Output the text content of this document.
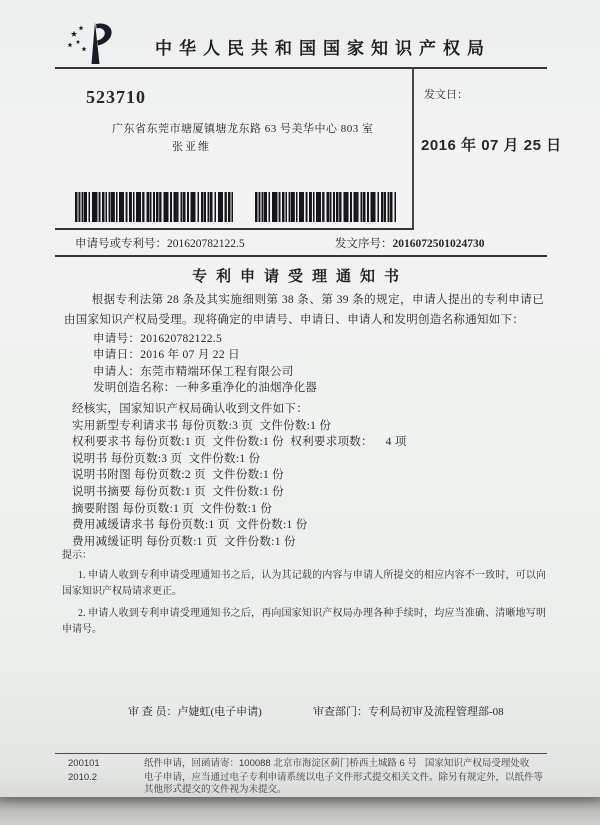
中华人民共和国国家知识产权局
523710
广东省东莞市塘厦镇塘龙东路 63 号美华中心 803 室
张亚维
发文日：
2016 年 07 月 25 日
申请号或专利号：201620782122.5	发文序号：2016072501024730
专利申请受理通知书
根据专利法第 28 条及其实施细则第 38 条、第 39 条的规定，申请人提出的专利申请已由国家知识产权局受理。现将确定的申请号、申请日、申请人和发明创造名称通知如下：
申请号：201620782122.5
申请日：2016 年 07 月 22 日
申请人：东莞市精端环保工程有限公司
发明创造名称：一种多重净化的油烟净化器
经核实，国家知识产权局确认收到文件如下：
实用新型专利请求书 每份页数:3 页  文件份数:1 份
权利要求书 每份页数:1 页  文件份数:1 份  权利要求项数：    4 项
说明书 每份页数:3 页  文件份数:1 份
说明书附图 每份页数:2 页  文件份数:1 份
说明书摘要 每份页数:1 页  文件份数:1 份
摘要附图 每份页数:1 页  文件份数:1 份
费用减缓请求书 每份页数:1 页  文件份数:1 份
费用减缓证明 每份页数:1 页  文件份数:1 份
提示：

1. 申请人收到专利申请受理通知书之后，认为其记载的内容与申请人所提交的相应内容不一致时，可以向国家知识产权局请求更正。

2. 申请人收到专利申请受理通知书之后，再向国家知识产权局办理各种手续时，均应当准确、清晰地写明申请号。

审 查 员：卢婕虹(电子申请)	审查部门：专利局初审及流程管理部-08
200101	纸件申请，回函请寄：100088 北京市海淀区蓟门桥西土城路 6 号   国家知识产权局受理处收
2010.2	电子申请，应当通过电子专利申请系统以电子文件形式提交相关文件。除另有规定外，以纸件等其他形式提交的文件视为未提交。
